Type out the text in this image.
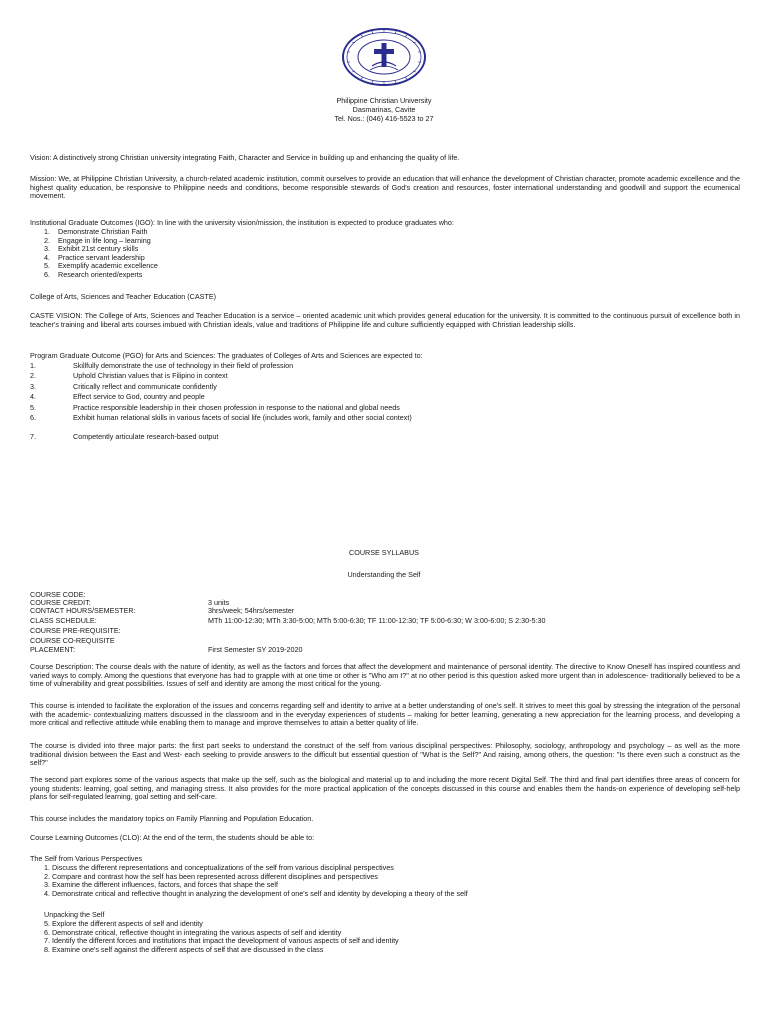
Philippine Christian University
Dasmarinas, Cavite
Tel. Nos.: (046) 416-5523 to 27
Vision: A distinctively strong Christian university integrating Faith, Character and Service in building up and enhancing the quality of life.
Mission: We, at Philippine Christian University, a church-related academic institution, commit ourselves to provide an education that will enhance the development of Christian character, promote academic excellence and the highest quality education, be responsive to Philippine needs and conditions, become responsible stewards of God's creation and resources, foster international understanding and goodwill and support the ecumenical movement.
Institutional Graduate Outcomes (IGO): In line with the university vision/mission, the institution is expected to produce graduates who:
1.	Demonstrate Christian Faith
2.	Engage in life long – learning
3.	Exhibit 21st century skills
4.	Practice servant leadership
5.	Exemplify academic excellence
6.	Research oriented/experts
College of Arts, Sciences and Teacher Education (CASTE)
CASTE VISION: The College of Arts, Sciences and Teacher Education is a service – oriented academic unit which provides general education for the university. It is committed to the continuous pursuit of excellence both in teacher's training and liberal arts courses imbued with Christian ideals, value and traditions of Philippine life and culture sufficiently equipped with Christian leadership skills.
Program Graduate Outcome (PGO) for Arts and Sciences: The graduates of Colleges of Arts and Sciences are expected to:
1.	Skillfully demonstrate the use of technology in their field of profession
2.	Uphold Christian values that is Filipino in context
3.	Critically reflect and communicate confidently
4.	Effect service to God, country and people
5.	Practice responsible leadership in their chosen profession in response to the national and global needs
6.	Exhibit human relational skills in various facets of social life (includes work, family and other social context)
7.	Competently articulate research-based output
COURSE SYLLABUS
Understanding the Self
COURSE CODE:
COURSE CREDIT:	3 units
CONTACT HOURS/SEMESTER:	3hrs/week; 54hrs/semester
CLASS SCHEDULE:	MTh 11:00-12:30; MTh 3:30-5:00; MTh 5:00-6:30; TF 11:00-12:30; TF 5:00-6:30; W 3:00-6:00; S 2:30-5:30
COURSE PRE-REQUISITE:
COURSE CO-REQUISITE
PLACEMENT:	First Semester SY 2019-2020
Course Description: The course deals with the nature of identity, as well as the factors and forces that affect the development and maintenance of personal identity. The directive to Know Oneself has inspired countless and varied ways to comply. Among the questions that everyone has had to grapple with at one time or other is "Who am I?" at no other period is this question asked more urgent than in adolescence- traditionally believed to be a time of vulnerability and great possibilities. Issues of self and identity are among the most critical for the young.
This course is intended to facilitate the exploration of the issues and concerns regarding self and identity to arrive at a better understanding of one's self. It strives to meet this goal by stressing the integration of the personal with the academic- contextualizing matters discussed in the classroom and in the everyday experiences of students – making for better learning, generating a new appreciation for the learning process, and developing a more critical and reflective attitude while enabling them to manage and improve themselves to attain a better quality of life.
The course is divided into three major parts: the first part seeks to understand the construct of the self from various disciplinal perspectives: Philosophy, sociology, anthropology and psychology – as well as the more traditional division between the East and West- each seeking to provide answers to the difficult but essential question of "What is the Self?" And raising, among others, the question: "Is there even such a construct as the self?"
The second part explores some of the various aspects that make up the self, such as the biological and material up to and including the more recent Digital Self. The third and final part identifies three areas of concern for young students: learning, goal setting, and managing stress. It also provides for the more practical application of the concepts discussed in this course and enables them the hands-on experience of developing self-help plans for self-regulated learning, goal setting and self-care.
This course includes the mandatory topics on Family Planning and Population Education.
Course Learning Outcomes (CLO): At the end of the term, the students should be able to:
The Self from Various Perspectives
1. Discuss the different representations and conceptualizations of the self from various disciplinal perspectives
2. Compare and contrast how the self has been represented across different disciplines and perspectives
3. Examine the different influences, factors, and forces that shape the self
4. Demonstrate critical and reflective thought in analyzing the development of one's self and identity by developing a theory of the self
Unpacking the Self
5. Explore the different aspects of self and identity
6. Demonstrate critical, reflective thought in integrating the various aspects of self and identity
7. Identify the different forces and institutions that impact the development of various aspects of self and identity
8. Examine one's self against the different aspects of self that are discussed in the class
